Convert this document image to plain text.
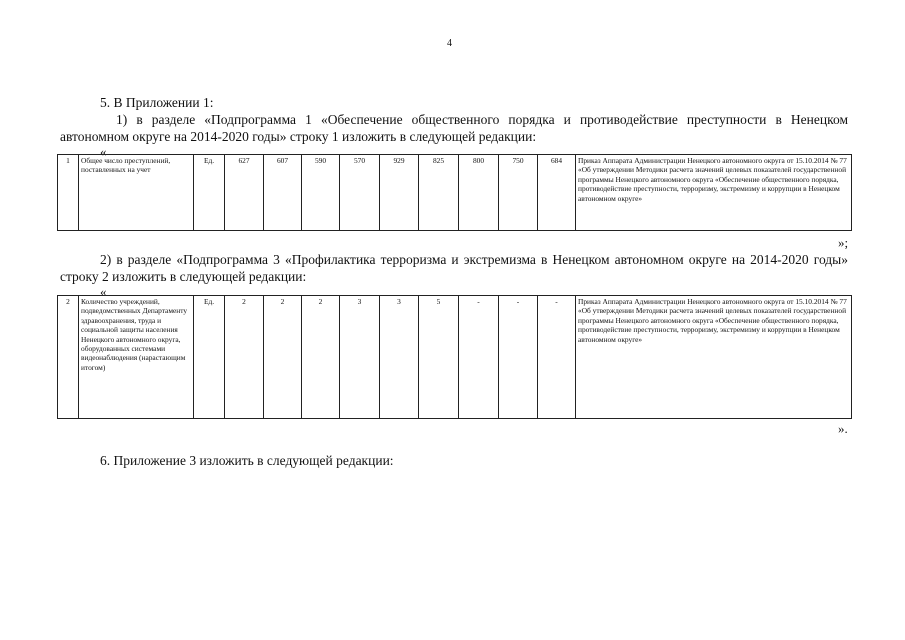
4
5. В Приложении 1:
1) в разделе «Подпрограмма 1 «Обеспечение общественного порядка и противодействие преступности в Ненецком
автономном округе на 2014-2020 годы» строку 1 изложить в следующей редакции:
«
1	Общее число преступлений, поставленных на учет	Ед.	627	607	590	570	929	825	800	750	684	Приказ Аппарата Администрации Ненецкого автономного округа от 15.10.2014 № 77 «Об утверждении Методики расчета значений целевых показателей государственной программы Ненецкого автономного округа «Обеспечение общественного порядка, противодействие преступности, терроризму, экстремизму и коррупции в Ненецком автономном округе»
»;
2) в разделе «Подпрограмма 3 «Профилактика терроризма и экстремизма в Ненецком автономном округе на 2014-2020 годы»
строку 2 изложить в следующей редакции:
«
2	Количество учреждений, подведомственных Департаменту здравоохранения, труда и социальной защиты населения Ненецкого автономного округа, оборудованных системами видеонаблюдения (нарастающим итогом)	Ед.	2	2	2	3	3	5	-	-	-	Приказ Аппарата Администрации Ненецкого автономного округа от 15.10.2014 № 77 «Об утверждении Методики расчета значений целевых показателей государственной программы Ненецкого автономного округа «Обеспечение общественного порядка, противодействие преступности, терроризму, экстремизму и коррупции в Ненецком автономном округе»
».
6. Приложение 3 изложить в следующей редакции:
